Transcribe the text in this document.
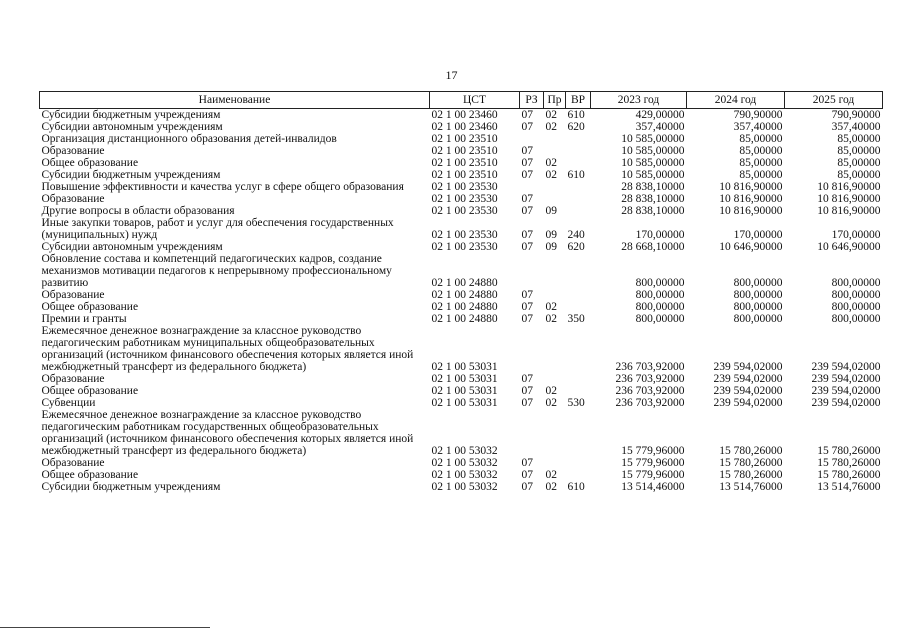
17
Наименование	ЦСТ	РЗ	Пр	ВР	2023 год	2024 год	2025 год
Субсидии бюджетным учреждениям	02 1 00 23460	07	02	610	429,00000	790,90000	790,90000
Субсидии автономным учреждениям	02 1 00 23460	07	02	620	357,40000	357,40000	357,40000
Организация дистанционного образования детей-инвалидов	02 1 00 23510				10 585,00000	85,00000	85,00000
Образование	02 1 00 23510	07			10 585,00000	85,00000	85,00000
Общее образование	02 1 00 23510	07	02		10 585,00000	85,00000	85,00000
Субсидии бюджетным учреждениям	02 1 00 23510	07	02	610	10 585,00000	85,00000	85,00000
Повышение эффективности и качества услуг в сфере общего образования	02 1 00 23530				28 838,10000	10 816,90000	10 816,90000
Образование	02 1 00 23530	07			28 838,10000	10 816,90000	10 816,90000
Другие вопросы в области образования	02 1 00 23530	07	09		28 838,10000	10 816,90000	10 816,90000
Иные закупки товаров, работ и услуг для обеспечения государственных (муниципальных) нужд	02 1 00 23530	07	09	240	170,00000	170,00000	170,00000
Субсидии автономным учреждениям	02 1 00 23530	07	09	620	28 668,10000	10 646,90000	10 646,90000
Обновление состава и компетенций педагогических кадров, создание механизмов мотивации педагогов к непрерывному профессиональному развитию	02 1 00 24880				800,00000	800,00000	800,00000
Образование	02 1 00 24880	07			800,00000	800,00000	800,00000
Общее образование	02 1 00 24880	07	02		800,00000	800,00000	800,00000
Премии и гранты	02 1 00 24880	07	02	350	800,00000	800,00000	800,00000
Ежемесячное денежное вознаграждение за классное руководство педагогическим работникам муниципальных общеобразовательных организаций (источником финансового обеспечения которых является иной межбюджетный трансферт из федерального бюджета)	02 1 00 53031				236 703,92000	239 594,02000	239 594,02000
Образование	02 1 00 53031	07			236 703,92000	239 594,02000	239 594,02000
Общее образование	02 1 00 53031	07	02		236 703,92000	239 594,02000	239 594,02000
Субвенции	02 1 00 53031	07	02	530	236 703,92000	239 594,02000	239 594,02000
Ежемесячное денежное вознаграждение за классное руководство педагогическим работникам государственных общеобразовательных организаций (источником финансового обеспечения которых является иной межбюджетный трансферт из федерального бюджета)	02 1 00 53032				15 779,96000	15 780,26000	15 780,26000
Образование	02 1 00 53032	07			15 779,96000	15 780,26000	15 780,26000
Общее образование	02 1 00 53032	07	02		15 779,96000	15 780,26000	15 780,26000
Субсидии бюджетным учреждениям	02 1 00 53032	07	02	610	13 514,46000	13 514,76000	13 514,76000
